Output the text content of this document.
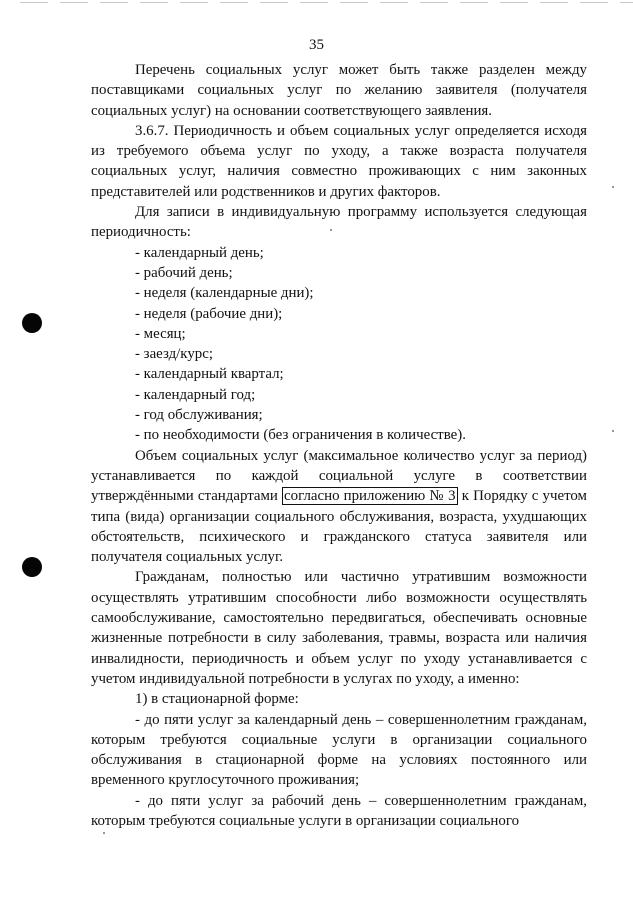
35

Перечень социальных услуг может быть также разделен между поставщиками социальных услуг по желанию заявителя (получателя социальных услуг) на основании соответствующего заявления.

3.6.7. Периодичность и объем социальных услуг определяется исходя из требуемого объема услуг по уходу, а также возраста получателя социальных услуг, наличия совместно проживающих с ним законных представителей или родственников и других факторов.

Для записи в индивидуальную программу используется следующая периодичность:

- календарный день;

- рабочий день;

- неделя (календарные дни);

- неделя (рабочие дни);

- месяц;

- заезд/курс;

- календарный квартал;

- календарный год;

- год обслуживания;

- по необходимости (без ограничения в количестве).

Объем социальных услуг (максимальное количество услуг за период) устанавливается по каждой социальной услуге в соответствии утверждёнными стандартами согласно приложению № 3 к Порядку с учетом типа (вида) организации социального обслуживания, возраста, ухудшающих обстоятельств, психического и гражданского статуса заявителя или получателя социальных услуг.

Гражданам, полностью или частично утратившим возможности осуществлять утратившим способности либо возможности осуществлять самообслуживание, самостоятельно передвигаться, обеспечивать основные жизненные потребности в силу заболевания, травмы, возраста или наличия инвалидности, периодичность и объем услуг по уходу устанавливается с учетом индивидуальной потребности в услугах по уходу, а именно:

1) в стационарной форме:

- до пяти услуг за календарный день – совершеннолетним гражданам, которым требуются социальные услуги в организации социального обслуживания в стационарной форме на условиях постоянного или временного круглосуточного проживания;

- до пяти услуг за рабочий день – совершеннолетним гражданам, которым требуются социальные услуги в организации социального
